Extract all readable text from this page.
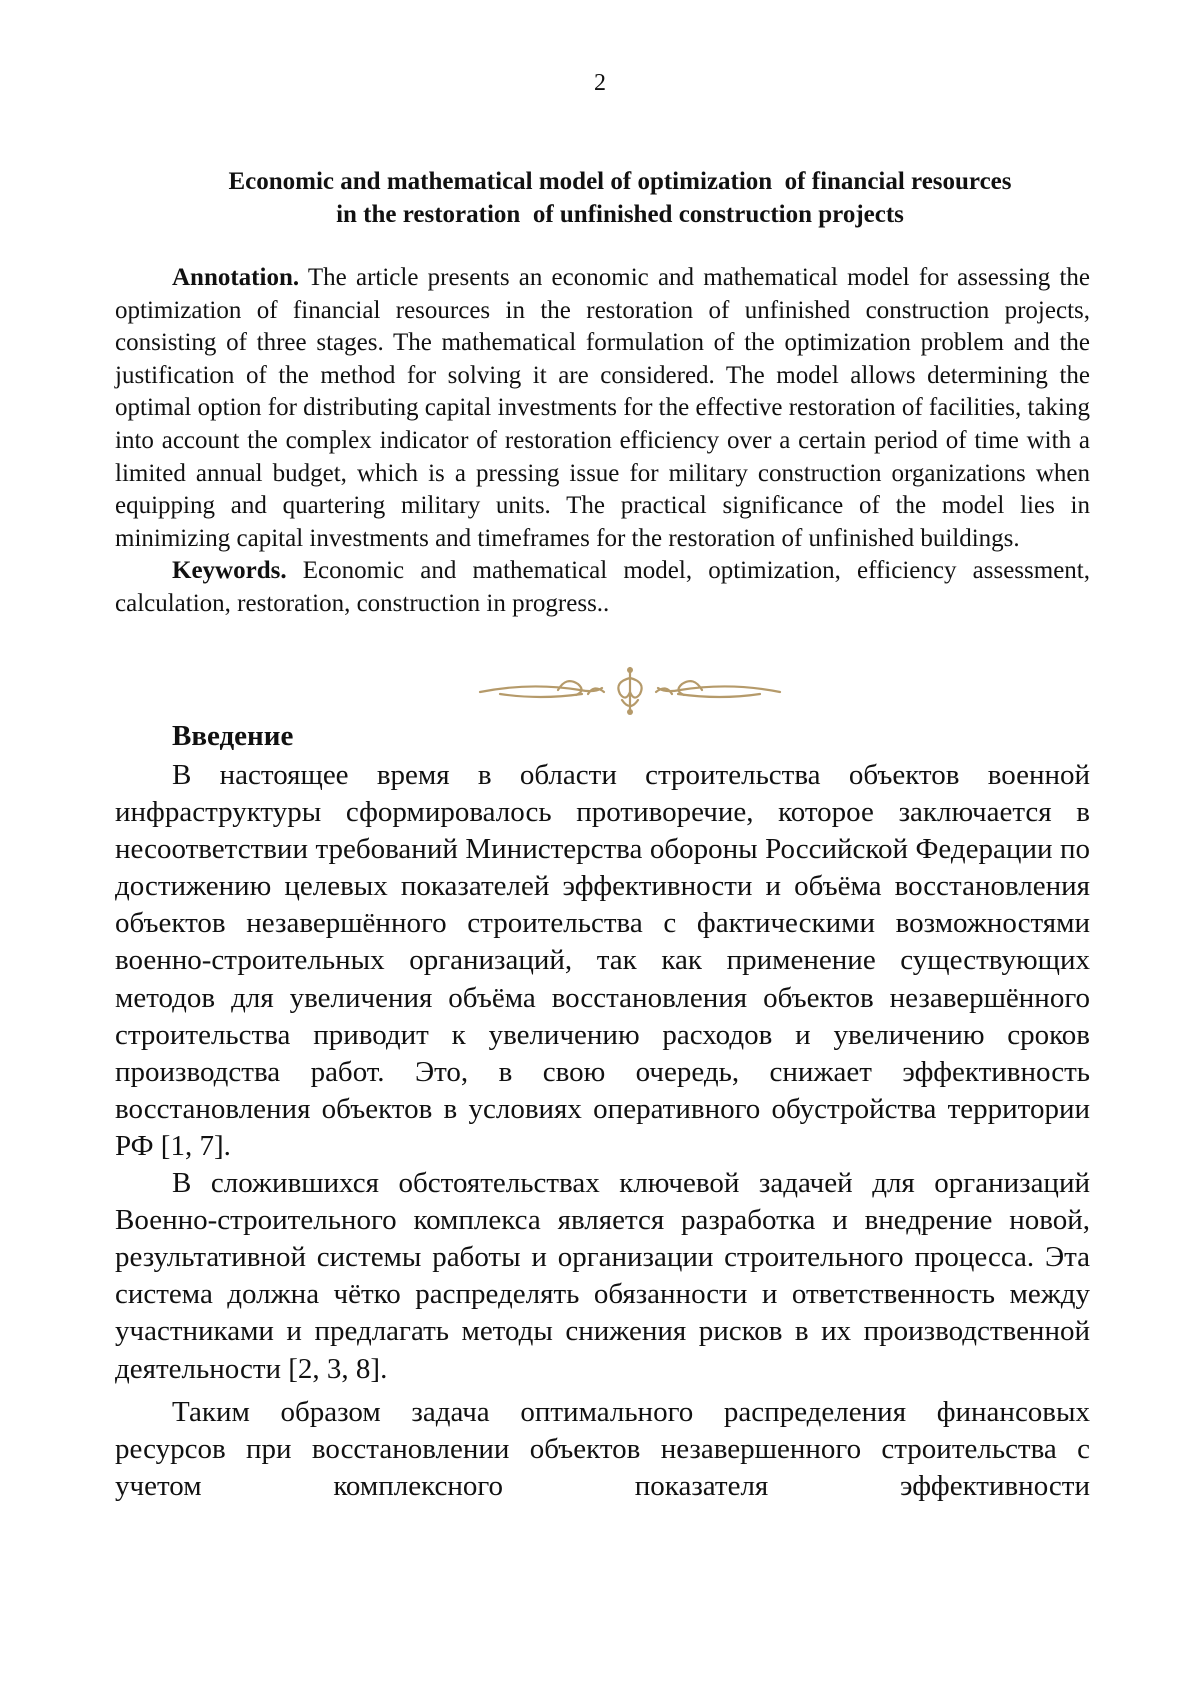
2
Economic and mathematical model of optimization  of financial resources
in the restoration  of unfinished construction projects

Annotation. The article presents an economic and mathematical model for assessing the optimization of financial resources in the restoration of unfinished construction projects, consisting of three stages. The mathematical formulation of the optimization problem and the justification of the method for solving it are considered. The model allows determining the optimal option for distributing capital investments for the effective restoration of facilities, taking into account the complex indicator of restoration efficiency over a certain period of time with a limited annual budget, which is a pressing issue for military construction organizations when equipping and quartering military units. The practical significance of the model lies in minimizing capital investments and timeframes for the restoration of unfinished buildings.

Keywords. Economic and mathematical model, optimization, efficiency assessment, calculation, restoration, construction in progress..

Введение

В настоящее время в области строительства объектов военной инфраструктуры сформировалось противоречие, которое заключается в несоответствии требований Министерства обороны Российской Федерации по достижению целевых показателей эффективности и объёма восстановления объектов незавершённого строительства с фактическими возможностями военно-строительных организаций, так как применение существующих методов для увеличения объёма восстановления объектов незавершённого строительства приводит к увеличению расходов и увеличению сроков производства работ. Это, в свою очередь, снижает эффективность восстановления объектов в условиях оперативного обустройства территории РФ [1, 7].

В сложившихся обстоятельствах ключевой задачей для организаций Военно-строительного комплекса является разработка и внедрение новой, результативной системы работы и организации строительного процесса. Эта система должна чётко распределять обязанности и ответственность между участниками и предлагать методы снижения рисков в их производственной деятельности [2, 3, 8].

Таким образом задача оптимального распределения финансовых ресурсов при восстановлении объектов незавершенного строительства с учетом комплексного показателя эффективности
